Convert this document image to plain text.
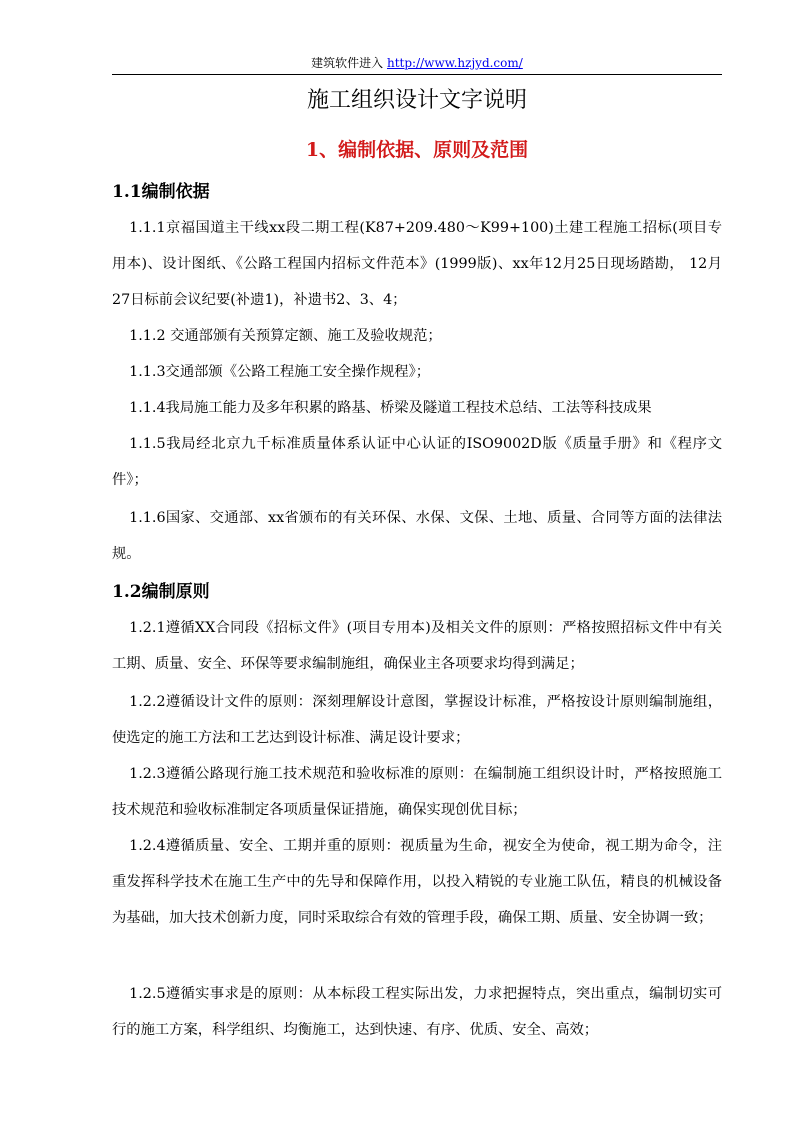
建筑软件进入 http://www.hzjyd.com/
施工组织设计文字说明
1、编制依据、原则及范围
1.1编制依据

1.1.1京福国道主干线xx段二期工程(K87+209.480～K99+100)土建工程施工招标(项目专用本)、设计图纸、《公路工程国内招标文件范本》(1999版)、xx年12月25日现场踏勘， 12月27日标前会议纪要(补遗1)，补遗书2、3、4；

1.1.2 交通部颁有关预算定额、施工及验收规范；

1.1.3交通部颁《公路工程施工安全操作规程》；

1.1.4我局施工能力及多年积累的路基、桥梁及隧道工程技术总结、工法等科技成果

1.1.5我局经北京九千标准质量体系认证中心认证的ISO9002D版《质量手册》和《程序文件》；

1.1.6国家、交通部、xx省颁布的有关环保、水保、文保、土地、质量、合同等方面的法律法规。

1.2编制原则

1.2.1遵循XX合同段《招标文件》(项目专用本)及相关文件的原则：严格按照招标文件中有关工期、质量、安全、环保等要求编制施组，确保业主各项要求均得到满足；

1.2.2遵循设计文件的原则：深刻理解设计意图，掌握设计标准，严格按设计原则编制施组，使选定的施工方法和工艺达到设计标准、满足设计要求；

1.2.3遵循公路现行施工技术规范和验收标准的原则：在编制施工组织设计时，严格按照施工技术规范和验收标准制定各项质量保证措施，确保实现创优目标；

1.2.4遵循质量、安全、工期并重的原则：视质量为生命，视安全为使命，视工期为命令，注重发挥科学技术在施工生产中的先导和保障作用，以投入精锐的专业施工队伍，精良的机械设备为基础，加大技术创新力度，同时采取综合有效的管理手段，确保工期、质量、安全协调一致；

1.2.5遵循实事求是的原则：从本标段工程实际出发，力求把握特点，突出重点，编制切实可行的施工方案，科学组织、均衡施工，达到快速、有序、优质、安全、高效；
